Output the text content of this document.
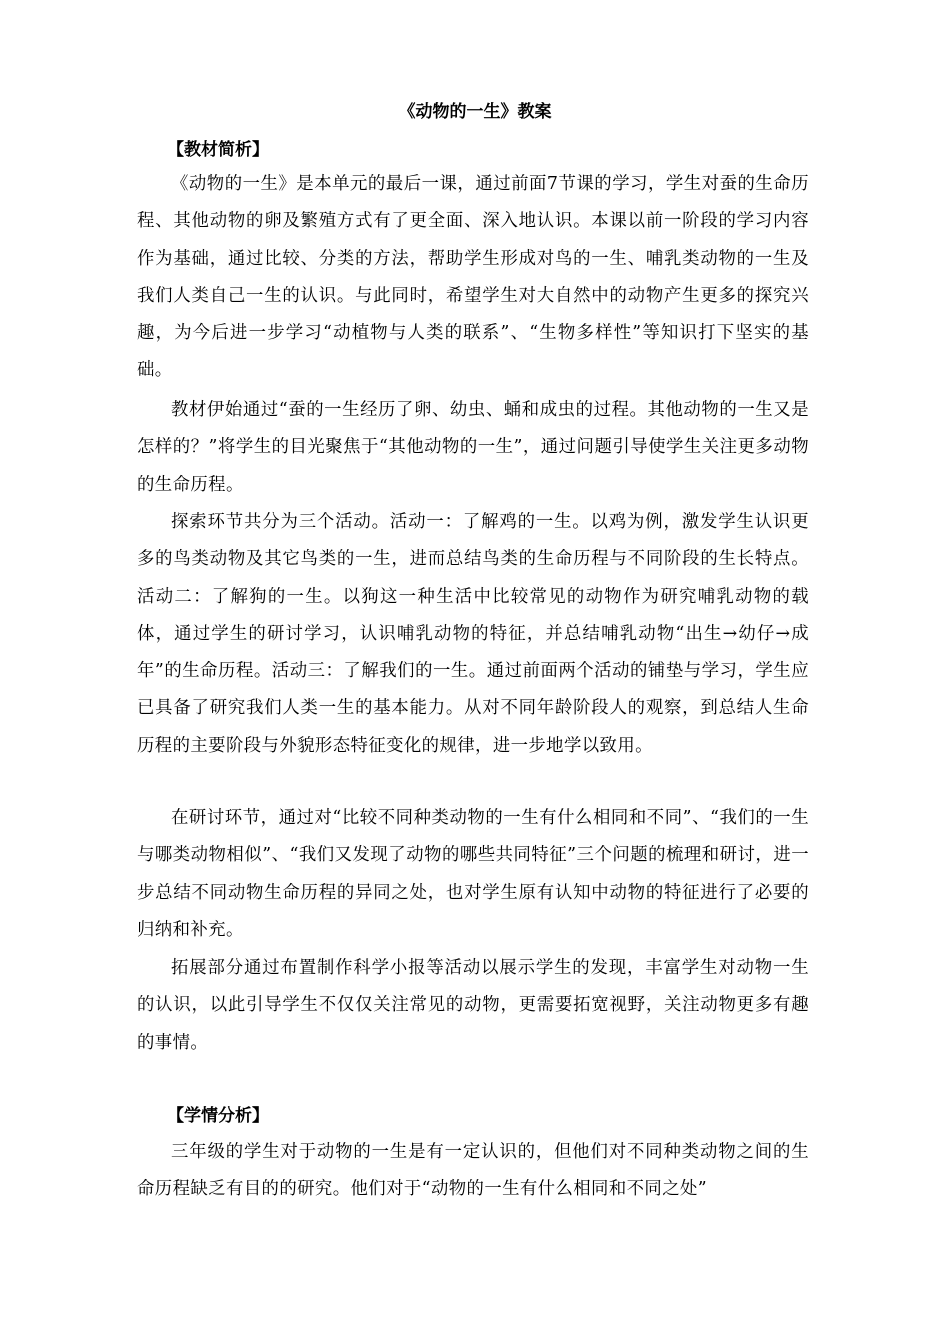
《动物的一生》教案
【教材简析】

《动物的一生》是本单元的最后一课，通过前面7节课的学习，学生对蚕的生命历程、其他动物的卵及繁殖方式有了更全面、深入地认识。本课以前一阶段的学习内容作为基础，通过比较、分类的方法，帮助学生形成对鸟的一生、哺乳类动物的一生及我们人类自己一生的认识。与此同时，希望学生对大自然中的动物产生更多的探究兴趣，为今后进一步学习“动植物与人类的联系”、“生物多样性”等知识打下坚实的基础。

教材伊始通过“蚕的一生经历了卵、幼虫、蛹和成虫的过程。其他动物的一生又是怎样的？”将学生的目光聚焦于“其他动物的一生”，通过问题引导使学生关注更多动物的生命历程。

探索环节共分为三个活动。活动一：了解鸡的一生。以鸡为例，激发学生认识更多的鸟类动物及其它鸟类的一生，进而总结鸟类的生命历程与不同阶段的生长特点。活动二：了解狗的一生。以狗这一种生活中比较常见的动物作为研究哺乳动物的载体，通过学生的研讨学习，认识哺乳动物的特征，并总结哺乳动物“出生→幼仔→成年”的生命历程。活动三：了解我们的一生。通过前面两个活动的铺垫与学习，学生应已具备了研究我们人类一生的基本能力。从对不同年龄阶段人的观察，到总结人生命历程的主要阶段与外貌形态特征变化的规律，进一步地学以致用。

在研讨环节，通过对“比较不同种类动物的一生有什么相同和不同”、“我们的一生与哪类动物相似”、“我们又发现了动物的哪些共同特征”三个问题的梳理和研讨，进一步总结不同动物生命历程的异同之处，也对学生原有认知中动物的特征进行了必要的归纳和补充。

拓展部分通过布置制作科学小报等活动以展示学生的发现，丰富学生对动物一生的认识，以此引导学生不仅仅关注常见的动物，更需要拓宽视野，关注动物更多有趣的事情。

【学情分析】

三年级的学生对于动物的一生是有一定认识的，但他们对不同种类动物之间的生命历程缺乏有目的的研究。他们对于“动物的一生有什么相同和不同之处”
